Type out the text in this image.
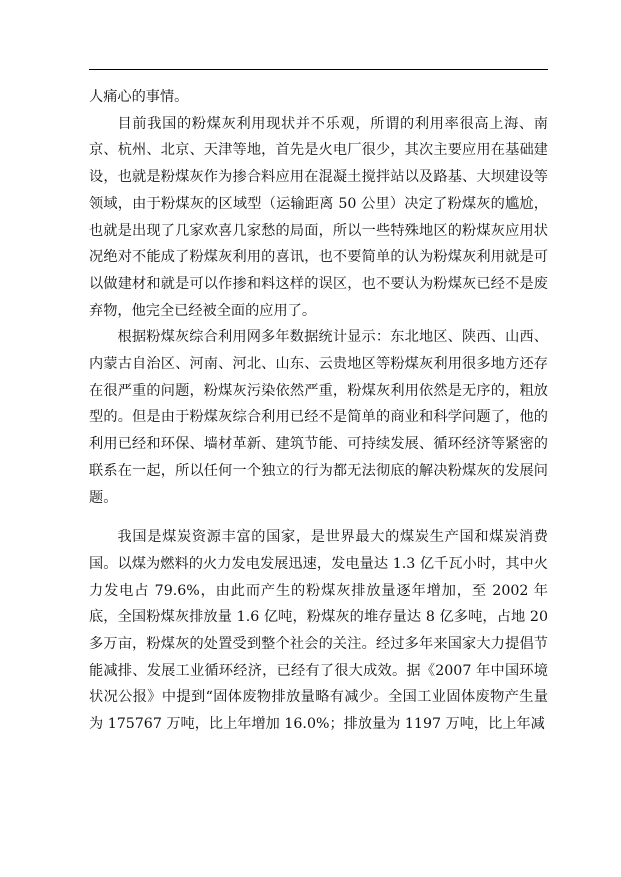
人痛心的事情。

目前我国的粉煤灰利用现状并不乐观，所谓的利用率很高上海、南京、杭州、北京、天津等地，首先是火电厂很少，其次主要应用在基础建设，也就是粉煤灰作为掺合料应用在混凝土搅拌站以及路基、大坝建设等领域，由于粉煤灰的区域型（运输距离 50 公里）决定了粉煤灰的尴尬，也就是出现了几家欢喜几家愁的局面，所以一些特殊地区的粉煤灰应用状况绝对不能成了粉煤灰利用的喜讯，也不要简单的认为粉煤灰利用就是可以做建材和就是可以作掺和料这样的误区，也不要认为粉煤灰已经不是废弃物，他完全已经被全面的应用了。

根据粉煤灰综合利用网多年数据统计显示：东北地区、陕西、山西、内蒙古自治区、河南、河北、山东、云贵地区等粉煤灰利用很多地方还存在很严重的问题，粉煤灰污染依然严重，粉煤灰利用依然是无序的，粗放型的。但是由于粉煤灰综合利用已经不是简单的商业和科学问题了，他的利用已经和环保、墙材革新、建筑节能、可持续发展、循环经济等紧密的联系在一起，所以任何一个独立的行为都无法彻底的解决粉煤灰的发展问题。

我国是煤炭资源丰富的国家，是世界最大的煤炭生产国和煤炭消费国。以煤为燃料的火力发电发展迅速，发电量达 1.3 亿千瓦小时，其中火力发电占 79.6%，由此而产生的粉煤灰排放量逐年增加，至 2002 年底，全国粉煤灰排放量 1.6 亿吨，粉煤灰的堆存量达 8 亿多吨，占地 20 多万亩，粉煤灰的处置受到整个社会的关注。经过多年来国家大力提倡节能减排、发展工业循环经济，已经有了很大成效。据《2007 年中国环境状况公报》中提到“固体废物排放量略有减少。全国工业固体废物产生量为 175767 万吨，比上年增加 16.0%；排放量为 1197 万吨，比上年减
